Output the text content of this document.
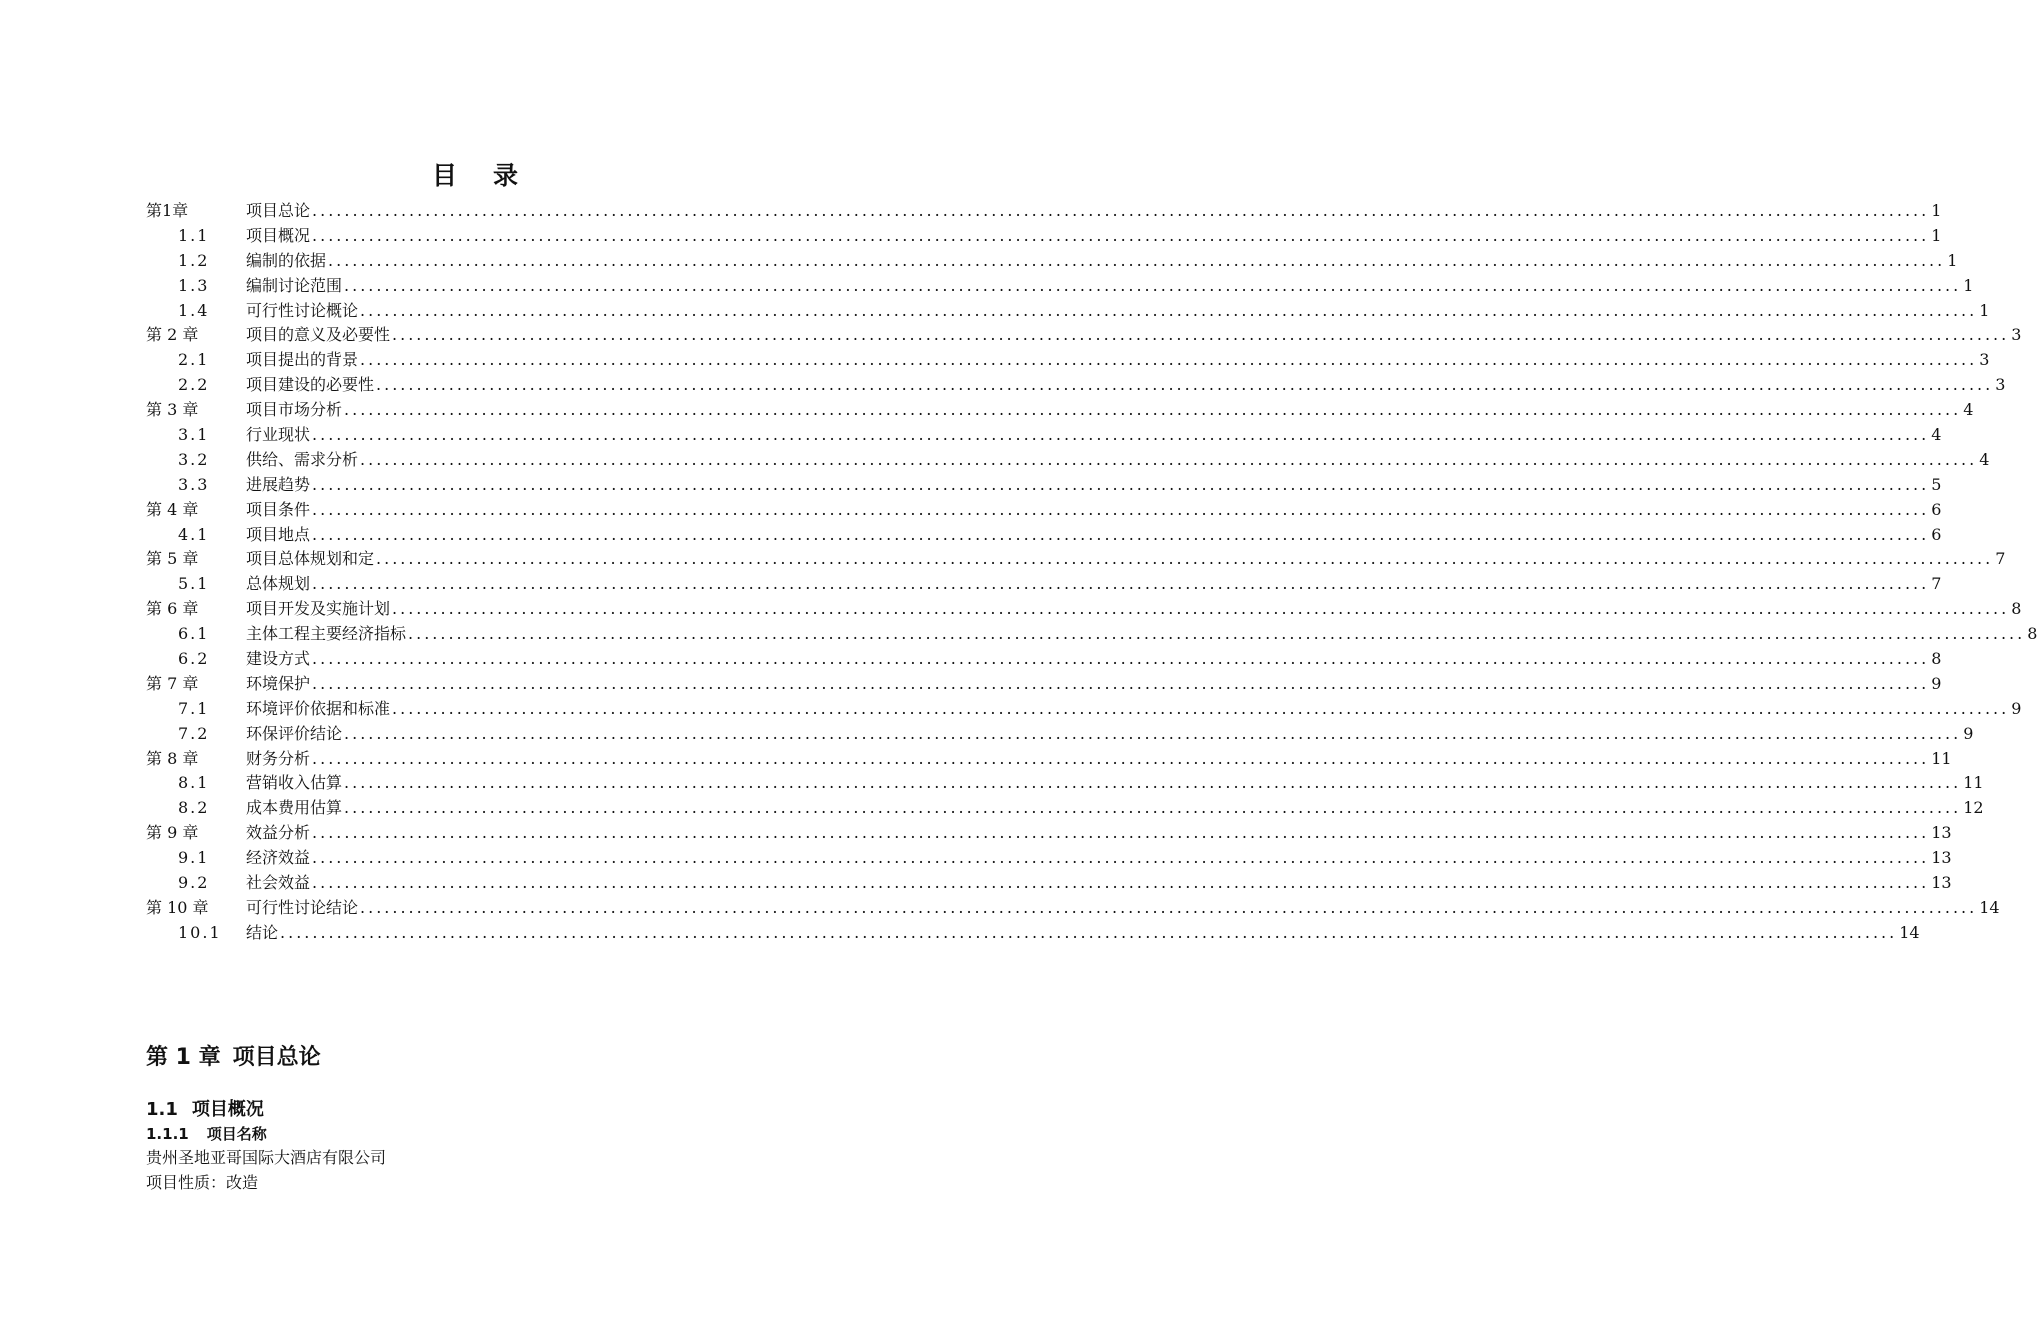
目录
第1章	项目总论 ........................................................................................................................................................................................................ 1
1.1	项目概况 ........................................................................................................................................................................................................ 1
1.2	编制的依据 ........................................................................................................................................................................................................ 1
1.3	编制讨论范围 ........................................................................................................................................................................................................ 1
1.4	可行性讨论概论 ........................................................................................................................................................................................................ 1
第 2 章	项目的意义及必要性 ........................................................................................................................................................................................................ 3
2.1	项目提出的背景 ........................................................................................................................................................................................................ 3
2.2	项目建设的必要性 ........................................................................................................................................................................................................ 3
第 3 章	项目市场分析 ........................................................................................................................................................................................................ 4
3.1	行业现状 ........................................................................................................................................................................................................ 4
3.2	供给、需求分析 ........................................................................................................................................................................................................ 4
3.3	进展趋势 ........................................................................................................................................................................................................ 5
第 4 章	项目条件 ........................................................................................................................................................................................................ 6
4.1	项目地点 ........................................................................................................................................................................................................ 6
第 5 章	项目总体规划和定 ........................................................................................................................................................................................................ 7
5.1	总体规划 ........................................................................................................................................................................................................ 7
第 6 章	项目开发及实施计划 ........................................................................................................................................................................................................ 8
6.1	主体工程主要经济指标 ........................................................................................................................................................................................................ 8
6.2	建设方式 ........................................................................................................................................................................................................ 8
第 7 章	环境保护 ........................................................................................................................................................................................................ 9
7.1	环境评价依据和标准 ........................................................................................................................................................................................................ 9
7.2	环保评价结论 ........................................................................................................................................................................................................ 9
第 8 章	财务分析 ........................................................................................................................................................................................................ 11
8.1	营销收入估算 ........................................................................................................................................................................................................ 11
8.2	成本费用估算 ........................................................................................................................................................................................................ 12
第 9 章	效益分析 ........................................................................................................................................................................................................ 13
9.1	经济效益 ........................................................................................................................................................................................................ 13
9.2	社会效益 ........................................................................................................................................................................................................ 13
第 10 章	可行性讨论结论 ........................................................................................................................................................................................................ 14
10.1	结论 ........................................................................................................................................................................................................ 14
第 1 章 项目总论
1.1 项目概况
1.1.1 项目名称
贵州圣地亚哥国际大酒店有限公司
项目性质：改造
